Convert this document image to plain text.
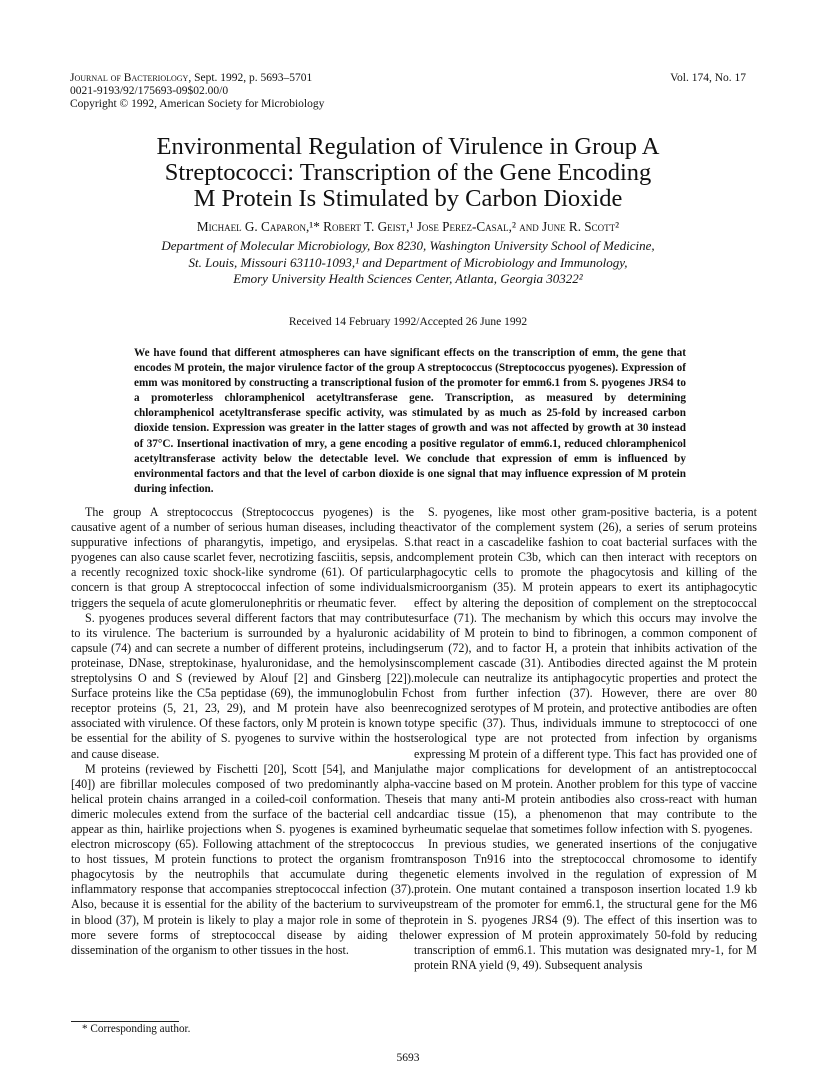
Journal of Bacteriology, Sept. 1992, p. 5693–5701
0021-9193/92/175693-09$02.00/0
Copyright © 1992, American Society for Microbiology
Vol. 174, No. 17
Environmental Regulation of Virulence in Group A
Streptococci: Transcription of the Gene Encoding
M Protein Is Stimulated by Carbon Dioxide
Michael G. Caparon,¹* Robert T. Geist,¹ Jose Perez-Casal,² and June R. Scott²
Department of Molecular Microbiology, Box 8230, Washington University School of Medicine,
St. Louis, Missouri 63110-1093,¹ and Department of Microbiology and Immunology,
Emory University Health Sciences Center, Atlanta, Georgia 30322²
Received 14 February 1992/Accepted 26 June 1992
We have found that different atmospheres can have significant effects on the transcription of emm, the gene that encodes M protein, the major virulence factor of the group A streptococcus (Streptococcus pyogenes). Expression of emm was monitored by constructing a transcriptional fusion of the promoter for emm6.1 from S. pyogenes JRS4 to a promoterless chloramphenicol acetyltransferase gene. Transcription, as measured by determining chloramphenicol acetyltransferase specific activity, was stimulated by as much as 25-fold by increased carbon dioxide tension. Expression was greater in the latter stages of growth and was not affected by growth at 30 instead of 37°C. Insertional inactivation of mry, a gene encoding a positive regulator of emm6.1, reduced chloramphenicol acetyltransferase activity below the detectable level. We conclude that expression of emm is influenced by environmental factors and that the level of carbon dioxide is one signal that may influence expression of M protein during infection.

The group A streptococcus (Streptococcus pyogenes) is the causative agent of a number of serious human diseases, including the suppurative infections of pharangytis, impetigo, and erysipelas. S. pyogenes can also cause scarlet fever, necrotizing fasciitis, sepsis, and a recently recognized toxic shock-like syndrome (61). Of particular concern is that group A streptococcal infection of some individuals triggers the sequela of acute glomerulonephritis or rheumatic fever.

S. pyogenes produces several different factors that may contribute to its virulence. The bacterium is surrounded by a hyaluronic acid capsule (74) and can secrete a number of different proteins, including proteinase, DNase, streptokinase, hyaluronidase, and the hemolysins streptolysins O and S (reviewed by Alouf [2] and Ginsberg [22]). Surface proteins like the C5a peptidase (69), the immunoglobulin Fc receptor proteins (5, 21, 23, 29), and M protein have also been associated with virulence. Of these factors, only M protein is known to be essential for the ability of S. pyogenes to survive within the host and cause disease.

M proteins (reviewed by Fischetti [20], Scott [54], and Manjula [40]) are fibrillar molecules composed of two predominantly alpha-helical protein chains arranged in a coiled-coil conformation. These dimeric molecules extend from the surface of the bacterial cell and appear as thin, hairlike projections when S. pyogenes is examined by electron microscopy (65). Following attachment of the streptococcus to host tissues, M protein functions to protect the organism from phagocytosis by the neutrophils that accumulate during the inflammatory response that accompanies streptococcal infection (37). Also, because it is essential for the ability of the bacterium to survive in blood (37), M protein is likely to play a major role in some of the more severe forms of streptococcal disease by aiding the dissemination of the organism to other tissues in the host.

S. pyogenes, like most other gram-positive bacteria, is a potent activator of the complement system (26), a series of serum proteins that react in a cascadelike fashion to coat bacterial surfaces with the complement protein C3b, which can then interact with receptors on phagocytic cells to promote the phagocytosis and killing of the microorganism (35). M protein appears to exert its antiphagocytic effect by altering the deposition of complement on the streptococcal surface (71). The mechanism by which this occurs may involve the ability of M protein to bind to fibrinogen, a common component of serum (72), and to factor H, a protein that inhibits activation of the complement cascade (31). Antibodies directed against the M protein molecule can neutralize its antiphagocytic properties and protect the host from further infection (37). However, there are over 80 recognized serotypes of M protein, and protective antibodies are often type specific (37). Thus, individuals immune to streptococci of one serological type are not protected from infection by organisms expressing M protein of a different type. This fact has provided one of the major complications for development of an antistreptococcal vaccine based on M protein. Another problem for this type of vaccine is that many anti-M protein antibodies also cross-react with human cardiac tissue (15), a phenomenon that may contribute to the rheumatic sequelae that sometimes follow infection with S. pyogenes.

In previous studies, we generated insertions of the conjugative transposon Tn916 into the streptococcal chromosome to identify genetic elements involved in the regulation of expression of M protein. One mutant contained a transposon insertion located 1.9 kb upstream of the promoter for emm6.1, the structural gene for the M6 protein in S. pyogenes JRS4 (9). The effect of this insertion was to lower expression of M protein approximately 50-fold by reducing transcription of emm6.1. This mutation was designated mry-1, for M protein RNA yield (9, 49). Subsequent analysis

* Corresponding author.
5693
